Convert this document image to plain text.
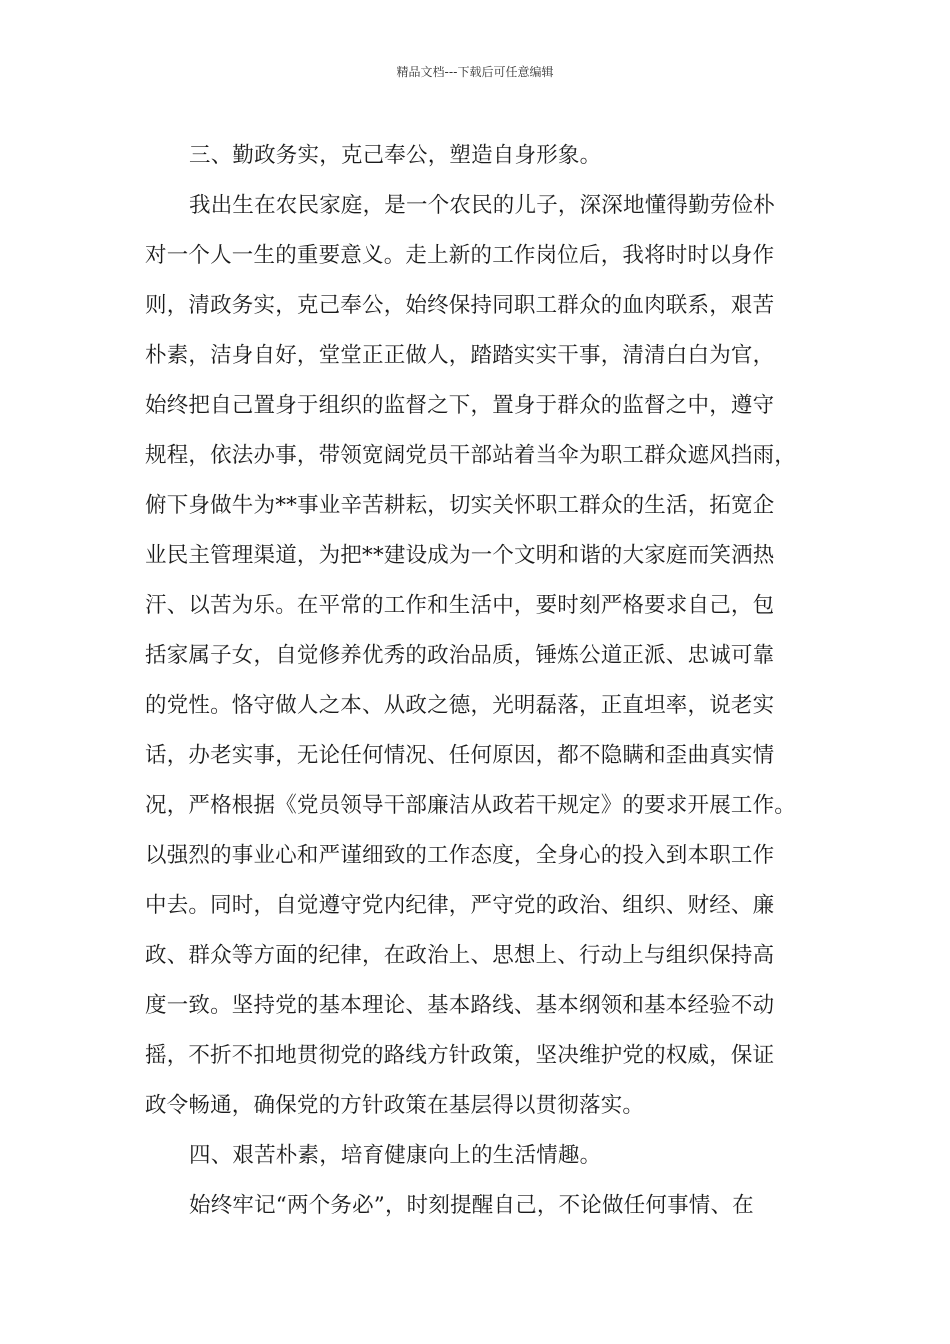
精品文档---下载后可任意编辑
三、勤政务实，克己奉公，塑造自身形象。
我出生在农民家庭，是一个农民的儿子，深深地懂得勤劳俭朴
对一个人一生的重要意义。走上新的工作岗位后，我将时时以身作
则，清政务实，克己奉公，始终保持同职工群众的血肉联系，艰苦
朴素，洁身自好，堂堂正正做人，踏踏实实干事，清清白白为官，
始终把自己置身于组织的监督之下，置身于群众的监督之中，遵守
规程，依法办事，带领宽阔党员干部站着当伞为职工群众遮风挡雨，
俯下身做牛为**事业辛苦耕耘，切实关怀职工群众的生活，拓宽企
业民主管理渠道，为把**建设成为一个文明和谐的大家庭而笑洒热
汗、以苦为乐。在平常的工作和生活中，要时刻严格要求自己，包
括家属子女，自觉修养优秀的政治品质，锤炼公道正派、忠诚可靠
的党性。恪守做人之本、从政之德，光明磊落，正直坦率，说老实
话，办老实事，无论任何情况、任何原因，都不隐瞒和歪曲真实情
况，严格根据《党员领导干部廉洁从政若干规定》的要求开展工作。
以强烈的事业心和严谨细致的工作态度，全身心的投入到本职工作
中去。同时，自觉遵守党内纪律，严守党的政治、组织、财经、廉
政、群众等方面的纪律，在政治上、思想上、行动上与组织保持高
度一致。坚持党的基本理论、基本路线、基本纲领和基本经验不动
摇，不折不扣地贯彻党的路线方针政策，坚决维护党的权威，保证
政令畅通，确保党的方针政策在基层得以贯彻落实。
四、艰苦朴素，培育健康向上的生活情趣。
始终牢记“两个务必”，时刻提醒自己，不论做任何事情、在
